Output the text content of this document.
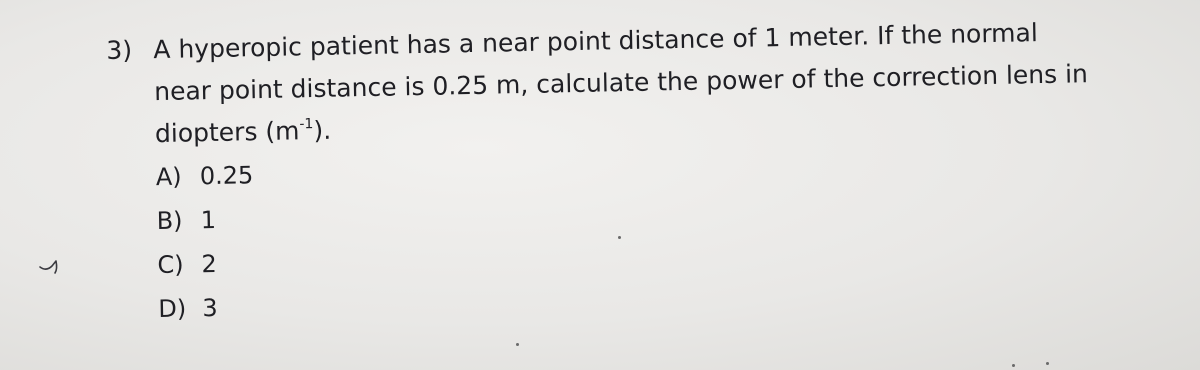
3) A hyperopic patient has a near point distance of 1 meter. If the normal
near point distance is 0.25 m, calculate the power of the correction lens in
diopters $(m^{-1})$.
A) 0.25
B) 1
C) 2
D) 3
